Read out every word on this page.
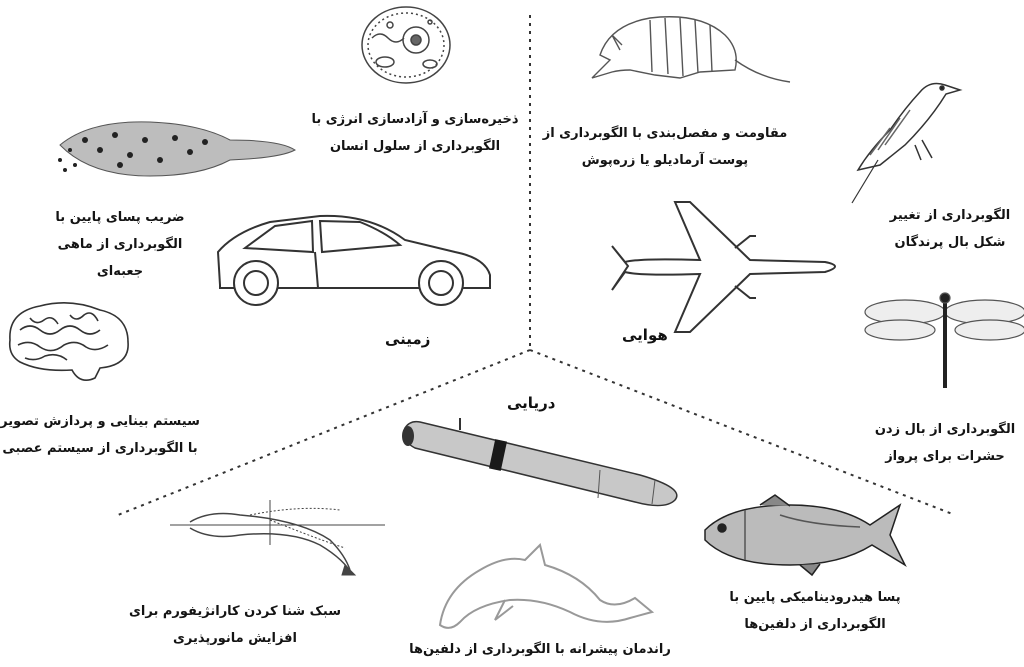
زمینی	هوایی
دریایی
ذخیره‌سازی و آزادسازی انرژی با
الگوبرداری از سلول انسان
ضریب پسای پایین با
الگوبرداری از ماهی
جعبه‌ای
سیستم بینایی و پردازش تصویر
با الگوبرداری از سیستم عصبی
مقاومت و مفصل‌بندی با الگوبرداری از
پوست آرمادیلو یا زره‌پوش
الگوبرداری از تغییر
شکل بال پرندگان
الگوبرداری از بال زدن
حشرات برای پرواز
سبک شنا کردن کارانژیفورم برای
افزایش مانورپذیری
راندمان پیشرانه با الگوبرداری از دلفین‌ها
پسا هیدرودینامیکی پایین با
الگوبرداری از دلفین‌ها
